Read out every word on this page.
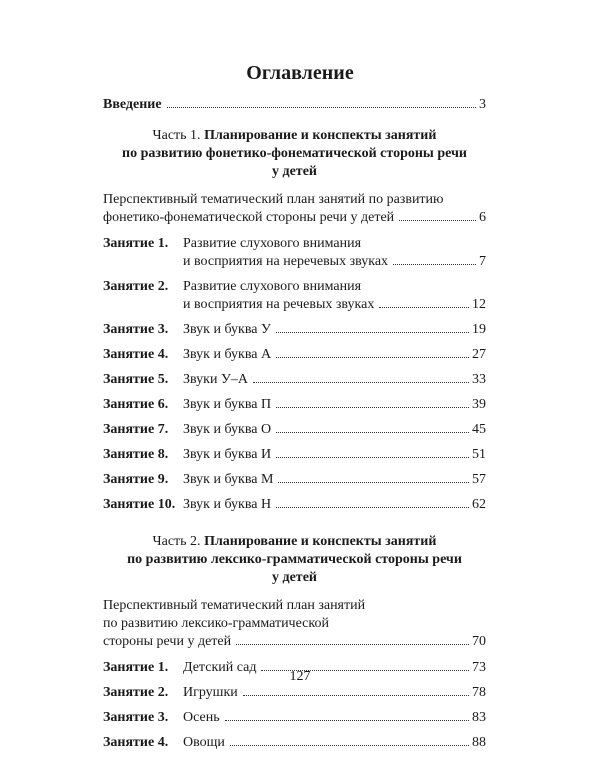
Оглавление
Введение	3
Часть 1. Планирование и конспекты занятий
по развитию фонетико-фонематической стороны речи
у детей
Перспективный тематический план занятий по развитию
фонетико-фонематической стороны речи у детей	6
Занятие 1.	Развитие слухового внимания
и восприятия на неречевых звуках	7
Занятие 2.	Развитие слухового внимания
и восприятия на речевых звуках	12
Занятие 3.	Звук и буква У	19
Занятие 4.	Звук и буква А	27
Занятие 5.	Звуки У–А	33
Занятие 6.	Звук и буква П	39
Занятие 7.	Звук и буква О	45
Занятие 8.	Звук и буква И	51
Занятие 9.	Звук и буква М	57
Занятие 10. Звук и буква Н	62
Часть 2. Планирование и конспекты занятий
по развитию лексико-грамматической стороны речи
у детей
Перспективный тематический план занятий
по развитию лексико-грамматической
стороны речи у детей	70
Занятие 1.	Детский сад	73
Занятие 2.	Игрушки	78
Занятие 3.	Осень	83
Занятие 4.	Овощи	88
127
